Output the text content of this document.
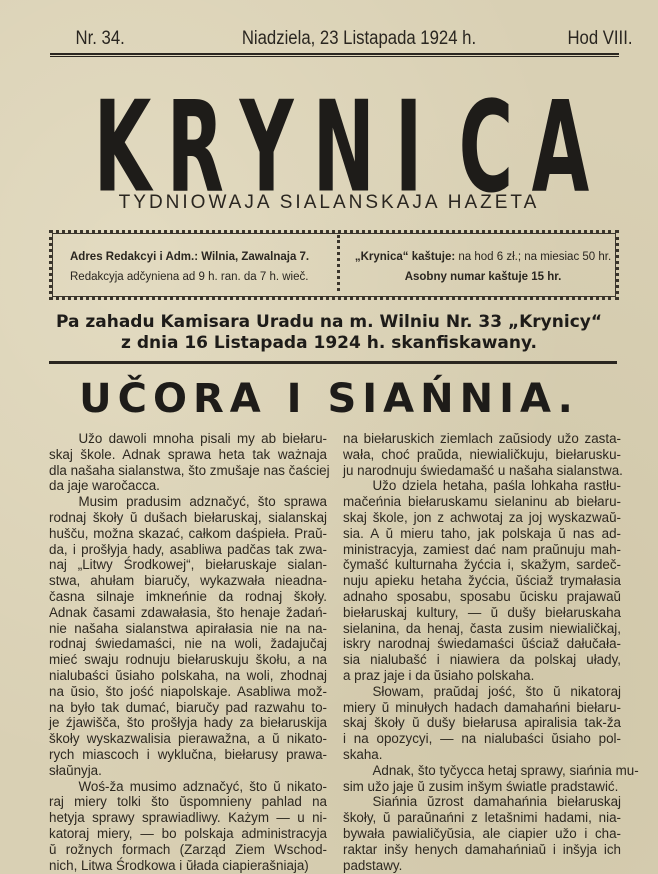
Nr. 34.	Niadziela, 23 Listapada 1924 h.	Hod VIII.
K R Y N I C A
TYDNIOWAJA SIALANSKAJA HAZETA
Adres Redakcyi i Adm.: Wilnia, Zawalnaja 7.
Redakcyja adčyniena ad 9 h. ran. da 7 h. wieč.
„Krynica“ kaštuje: na hod 6 zł.; na miesiac 50 hr.
Asobny numar kaštuje 15 hr.
Pa zahadu Kamisara Uradu na m. Wilniu Nr. 33 „Krynicy“
z dnia 16 Listapada 1924 h. skanfiskawany.
UČORA I SIAŃNIA.

Užo dawoli mnoha pisali my ab biełaru-
skaj škole. Adnak sprawa heta tak ważnaja
dla našaha sialanstwa, što zmušaje nas čaściej
da jaje waročacca.

Musim pradusim adznačyć, što sprawa
rodnaj škoły ŭ dušach biełaruskaj, sialanskaj
hušču, možna skazać, całkom daśpieła. Praŭ-
da, i prošłyja hady, asabliwa padčas tak zwa-
naj „Litwy Środkowej“, biełaruskaje sialan-
stwa, ahułam biaručy, wykazwała nieadna-
časna silnaje imkneńnie da rodnaj škoły.
Adnak časami zdawałasia, što henaje žadań-
nie našaha sialanstwa apirałasia nie na na-
rodnaj świedamaści, nie na woli, žadajučaj
mieć swaju rodnuju biełaruskuju škołu, a na
nialubaści ŭsiaho polskaha, na woli, zhodnaj
na ŭsio, što jość niapolskaje. Asabliwa mož-
na było tak dumać, biaručy pad razwahu to-
je źjawišča, što prošłyja hady za biełaruskija
škoły wyskazwalisia pierawažna, a ŭ nikato-
rych miascoch i wyklučna, biełarusy prawa-
słaŭnyja.

Woś-ža musimo adznačyć, što ŭ nikato-
raj miery tolki što ŭspomnieny pahlad na
hetyja sprawy sprawiadliwy. Każym — u ni-
katoraj miery, — bo polskaja administracyja
ŭ rožnych formach (Zarząd Ziem Wschod-
nich, Litwa Środkowa i ŭłada ciapierašniaja)

na biełaruskich ziemlach zaŭsiody užo zasta-
wała, choć praŭda, niewialičkuju, biełarusku-
ju narodnuju świedamašć u našaha sialanstwa.

Užo dziela hetaha, paśla lohkaha rastłu-
mačeńnia biełaruskamu sielaninu ab biełaru-
skaj škole, jon z achwotaj za joj wyskazwaŭ-
sia. A ŭ mieru taho, jak polskaja ŭ nas ad-
ministracyja, zamiest dać nam praŭnuju mah-
čymašć kulturnaha žyćcia i, skažym, sardeč-
nuju apieku hetaha žyćcia, ŭściaž trymałasia
adnaho sposabu, sposabu ŭcisku prajawaŭ
biełaruskaj kultury, — ŭ dušy biełaruskaha
sielanina, da henaj, časta zusim niewialičkaj,
iskry narodnaj świedamaści ŭściaž dałučała-
sia nialubašć i niawiera da polskaj ułady,
a praz jaje i da ŭsiaho polskaha.

Słowam, praŭdaj jość, što ŭ nikatoraj
miery ŭ minułych hadach damahańni biełaru-
skaj škoły ŭ dušy biełarusa apiralisia tak-ža
i na opozycyi, — na nialubaści ŭsiaho pol-
skaha.

Adnak, što tyčycca hetaj sprawy, siańnia mu-
sim užo jaje ŭ zusim inšym światle pradstawić.

Siańnia ŭzrost damahańnia biełaruskaj
škoły, ŭ paraŭnańni z letašnimi hadami, nia-
bywała pawialičyŭsia, ale ciapier užo i cha-
raktar inšy henych damahańniaŭ i inšyja ich
padstawy.
